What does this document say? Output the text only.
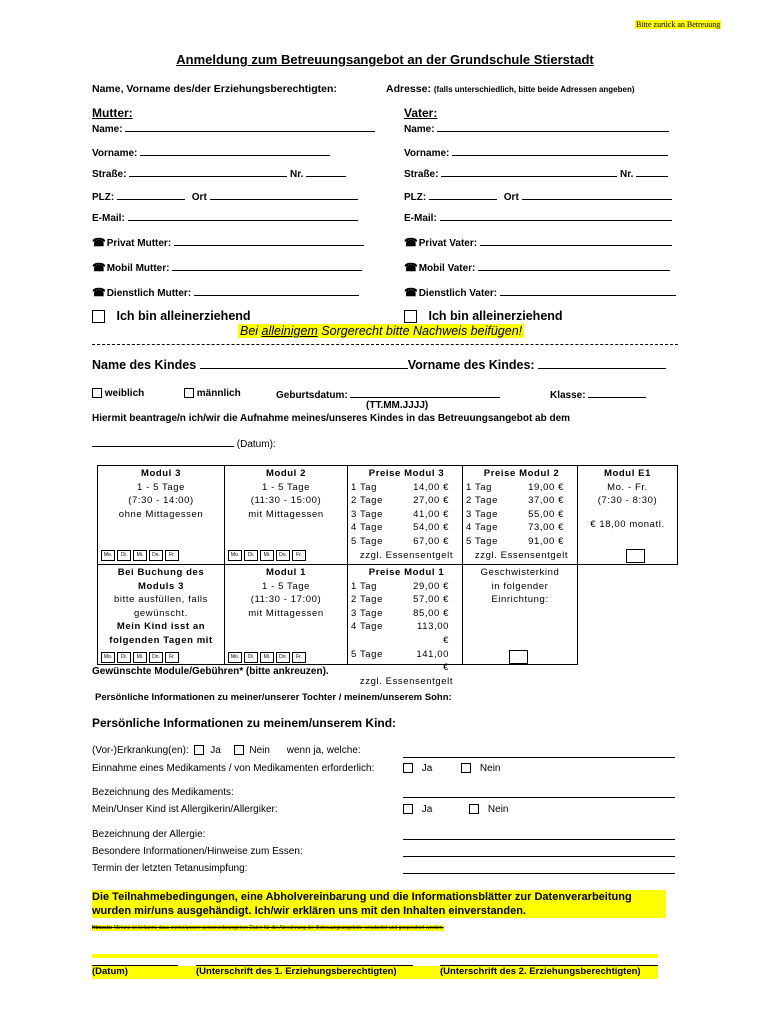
Bitte zurück an Betreuung
Anmeldung zum Betreuungsangebot an der Grundschule Stierstadt
Name, Vorname des/der Erziehungsberechtigten:	Adresse: (falls unterschiedlich, bitte beide Adressen angeben)
Mutter:
Name:
Vorname:
Straße:	Nr.
PLZ:	Ort
E-Mail:
☎Privat Mutter:
☎Mobil Mutter:
☎Dienstlich Mutter:
Ich bin alleinerziehend
Vater:
Name:
Vorname:
Straße:	Nr.
PLZ:	Ort
E-Mail:
☎Privat Vater:
☎Mobil Vater:
☎Dienstlich Vater:
Ich bin alleinerziehend
Bei alleinigem Sorgerecht bitte Nachweis beifügen!
Name des Kindes	Vorname des Kindes:
weiblich	männlich	Geburtsdatum:
(TT.MM.JJJJ)
Klasse:
Hiermit beantrage/n ich/wir die Aufnahme meines/unseres Kindes in das Betreuungsangebot ab dem
(Datum):
Modul 3
1 - 5 Tage
(7:30 - 14:00)
ohne Mittagessen
Mo.	Di.	Mi.	Do.	Fr.
Modul 2
1 - 5 Tage
(11:30 - 15:00)
mit Mittagessen
Mo.	Di.	Mi.	Do.	Fr.
Preise Modul 3
1 Tag	14,00 €
2 Tage	27,00 €
3 Tage	41,00 €
4 Tage	54,00 €
5 Tage	67,00 €
zzgl. Essensentgelt
Preise Modul 2
1 Tag	19,00 €
2 Tage	37,00 €
3 Tage	55,00 €
4 Tage	73,00 €
5 Tage	91,00 €
zzgl. Essensentgelt
Modul E1
Mo. - Fr.
(7:30 - 8:30)
€ 18,00 monatl.
Bei Buchung des
Moduls 3
bitte ausfüllen, falls
gewünscht.
Mein Kind isst an
folgenden Tagen mit
Mo.	Di.	Mi.	Do.	Fr.
Modul 1
1 - 5 Tage
(11:30 - 17:00)
mit Mittagessen
Mo.	Di.	Mi.	Do.	Fr.
Preise Modul 1
1 Tag	29,00 €
2 Tage	57,00 €
3 Tage	85,00 €
4 Tage	113,00 €
5 Tage	141,00 €
zzgl. Essensentgelt
Geschwisterkind
in folgender
Einrichtung:
Gewünschte Module/Gebühren* (bitte ankreuzen).
Persönliche Informationen zu meiner/unserer Tochter / meinem/unserem Sohn:
Persönliche Informationen zu meinem/unserem Kind:
(Vor-)Erkrankung(en): Ja	Nein wenn ja, welche:
Einnahme eines Medikaments / von Medikamenten erforderlich:	Ja	Nein
Bezeichnung des Medikaments:
Mein/Unser Kind ist Allergikerin/Allergiker:	Ja	Nein
Bezeichnung der Allergie:
Besondere Informationen/Hinweise zum Essen:
Termin der letzten Tetanusimpfung:
Die Teilnahmebedingungen, eine Abholvereinbarung und die Informationsblätter zur Datenverarbeitung
wurden mir/uns ausgehändigt. Ich/wir erklären uns mit den Inhalten einverstanden.
Hinweis: Mir/uns ist bekannt, dass meine/unsere personenbezogenen Daten für die Abrechnung der Betreuungsangebote verarbeitet und gespeichert werden.
(Datum)	(Unterschrift des 1. Erziehungsberechtigten)	(Unterschrift des 2. Erziehungsberechtigten)
